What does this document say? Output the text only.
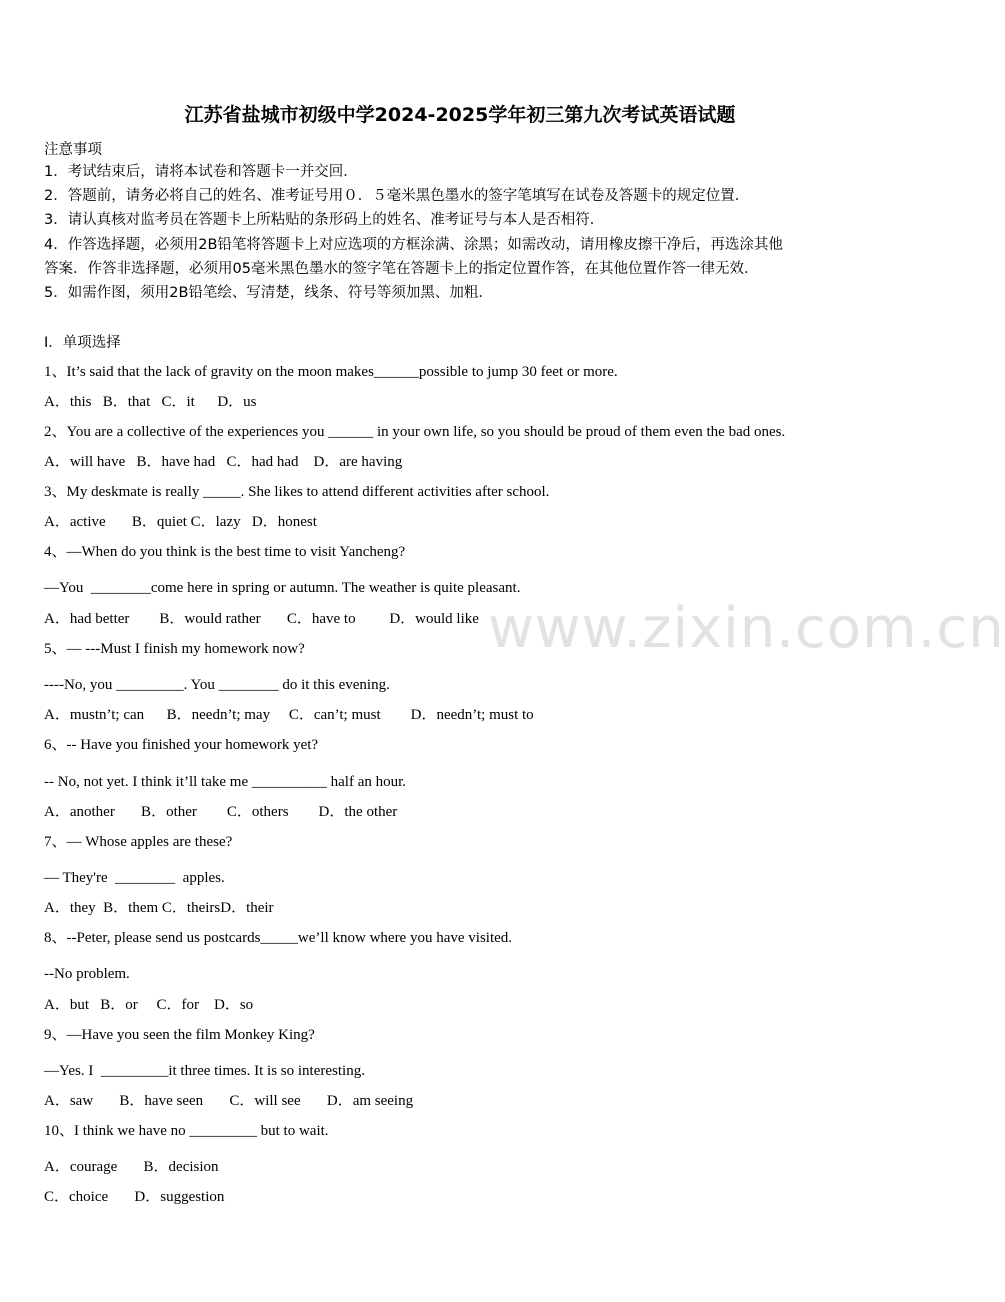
www.zixin.com.cn
江苏省盐城市初级中学2024-2025学年初三第九次考试英语试题
注意事项
1．考试结束后，请将本试卷和答题卡一并交回．
2．答题前，请务必将自己的姓名、准考证号用０．５毫米黑色墨水的签字笔填写在试卷及答题卡的规定位置．
3．请认真核对监考员在答题卡上所粘贴的条形码上的姓名、准考证号与本人是否相符．
4．作答选择题，必须用2B铅笔将答题卡上对应选项的方框涂满、涂黑；如需改动，请用橡皮擦干净后，再选涂其他
答案．作答非选择题，必须用05毫米黑色墨水的签字笔在答题卡上的指定位置作答，在其他位置作答一律无效．
5．如需作图，须用2B铅笔绘、写清楚，线条、符号等须加黑、加粗．
Ⅰ．单项选择
1、It’s said that the lack of gravity on the moon makes______possible to jump 30 feet or more.
A．this   B．that   C．it      D．us
2、You are a collective of the experiences you ______ in your own life, so you should be proud of them even the bad ones.
A．will have   B．have had   C．had had    D．are having
3、My deskmate is really _____. She likes to attend different activities after school.
A．active       B．quiet C．lazy   D．honest
4、—When do you think is the best time to visit Yancheng?
—You  ________come here in spring or autumn. The weather is quite pleasant.
A．had better        B．would rather       C．have to         D．would like
5、— ---Must I finish my homework now?
----No, you _________. You ________ do it this evening.
A．mustn’t; can      B．needn’t; may     C．can’t; must        D．needn’t; must to
6、-- Have you finished your homework yet?
-- No, not yet. I think it’ll take me __________ half an hour.
A．another       B．other        C．others        D．the other
7、— Whose apples are these?
— They're  ________  apples.
A．they  B．them C．theirsD．their
8、--Peter, please send us postcards_____we’ll know where you have visited.
--No problem.
A．but   B．or     C．for    D．so
9、—Have you seen the film Monkey King?
—Yes. I  _________it three times. It is so interesting.
A．saw       B．have seen       C．will see       D．am seeing
10、I think we have no _________ but to wait.
A．courage       B．decision
C．choice       D．suggestion
